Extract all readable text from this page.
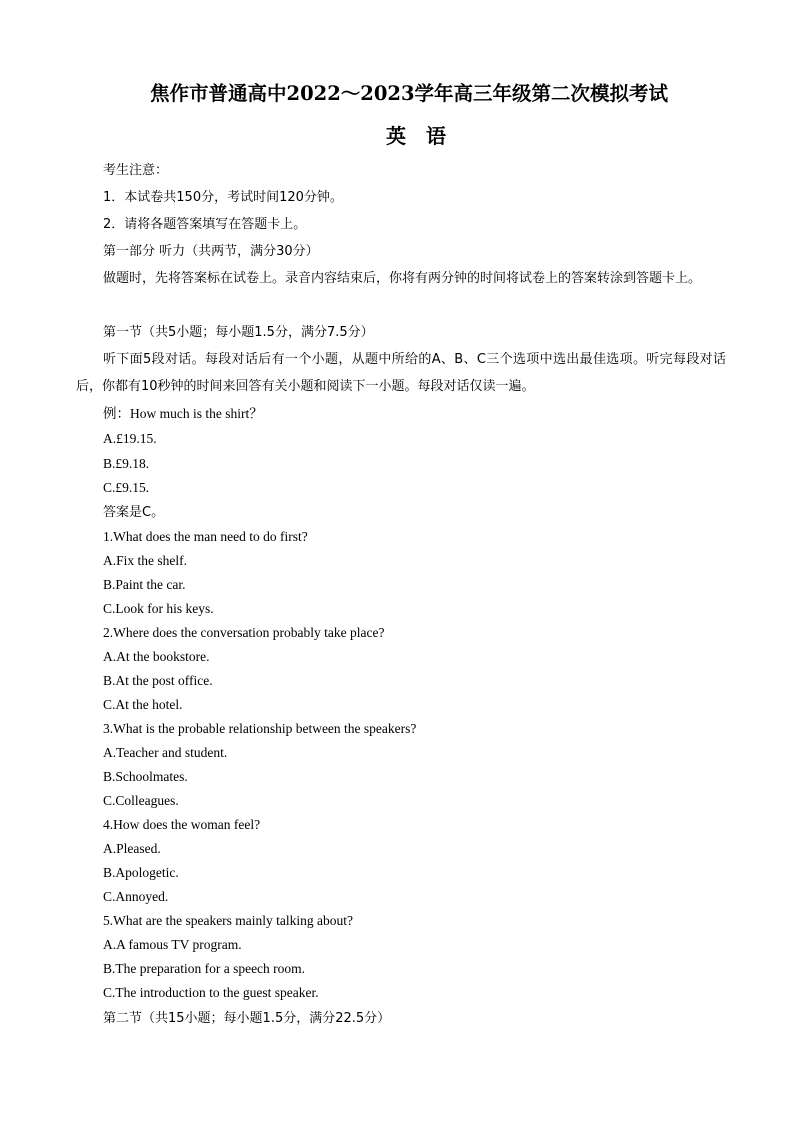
焦作市普通高中2022～2023学年高三年级第二次模拟考试
英语
考生注意：
1．本试卷共150分，考试时间120分钟。
2．请将各题答案填写在答题卡上。
第一部分 听力（共两节，满分30分）

做题时，先将答案标在试卷上。录音内容结束后，你将有两分钟的时间将试卷上的答案转涂到答题卡上。

第一节（共5小题；每小题1.5分，满分7.5分）

听下面5段对话。每段对话后有一个小题，从题中所给的A、B、C三个选项中选出最佳选项。听完每段对话后，你都有10秒钟的时间来回答有关小题和阅读下一小题。每段对话仅读一遍。

例：How much is the shirt？
A.£19.15.
B.£9.18.
C.£9.15.
答案是C。
1.What does the man need to do first?
A.Fix the shelf.
B.Paint the car.
C.Look for his keys.
2.Where does the conversation probably take place?
A.At the bookstore.
B.At the post office.
C.At the hotel.
3.What is the probable relationship between the speakers?
A.Teacher and student.
B.Schoolmates.
C.Colleagues.
4.How does the woman feel?
A.Pleased.
B.Apologetic.
C.Annoyed.
5.What are the speakers mainly talking about?
A.A famous TV program.
B.The preparation for a speech room.
C.The introduction to the guest speaker.
第二节（共15小题；每小题1.5分，满分22.5分）
